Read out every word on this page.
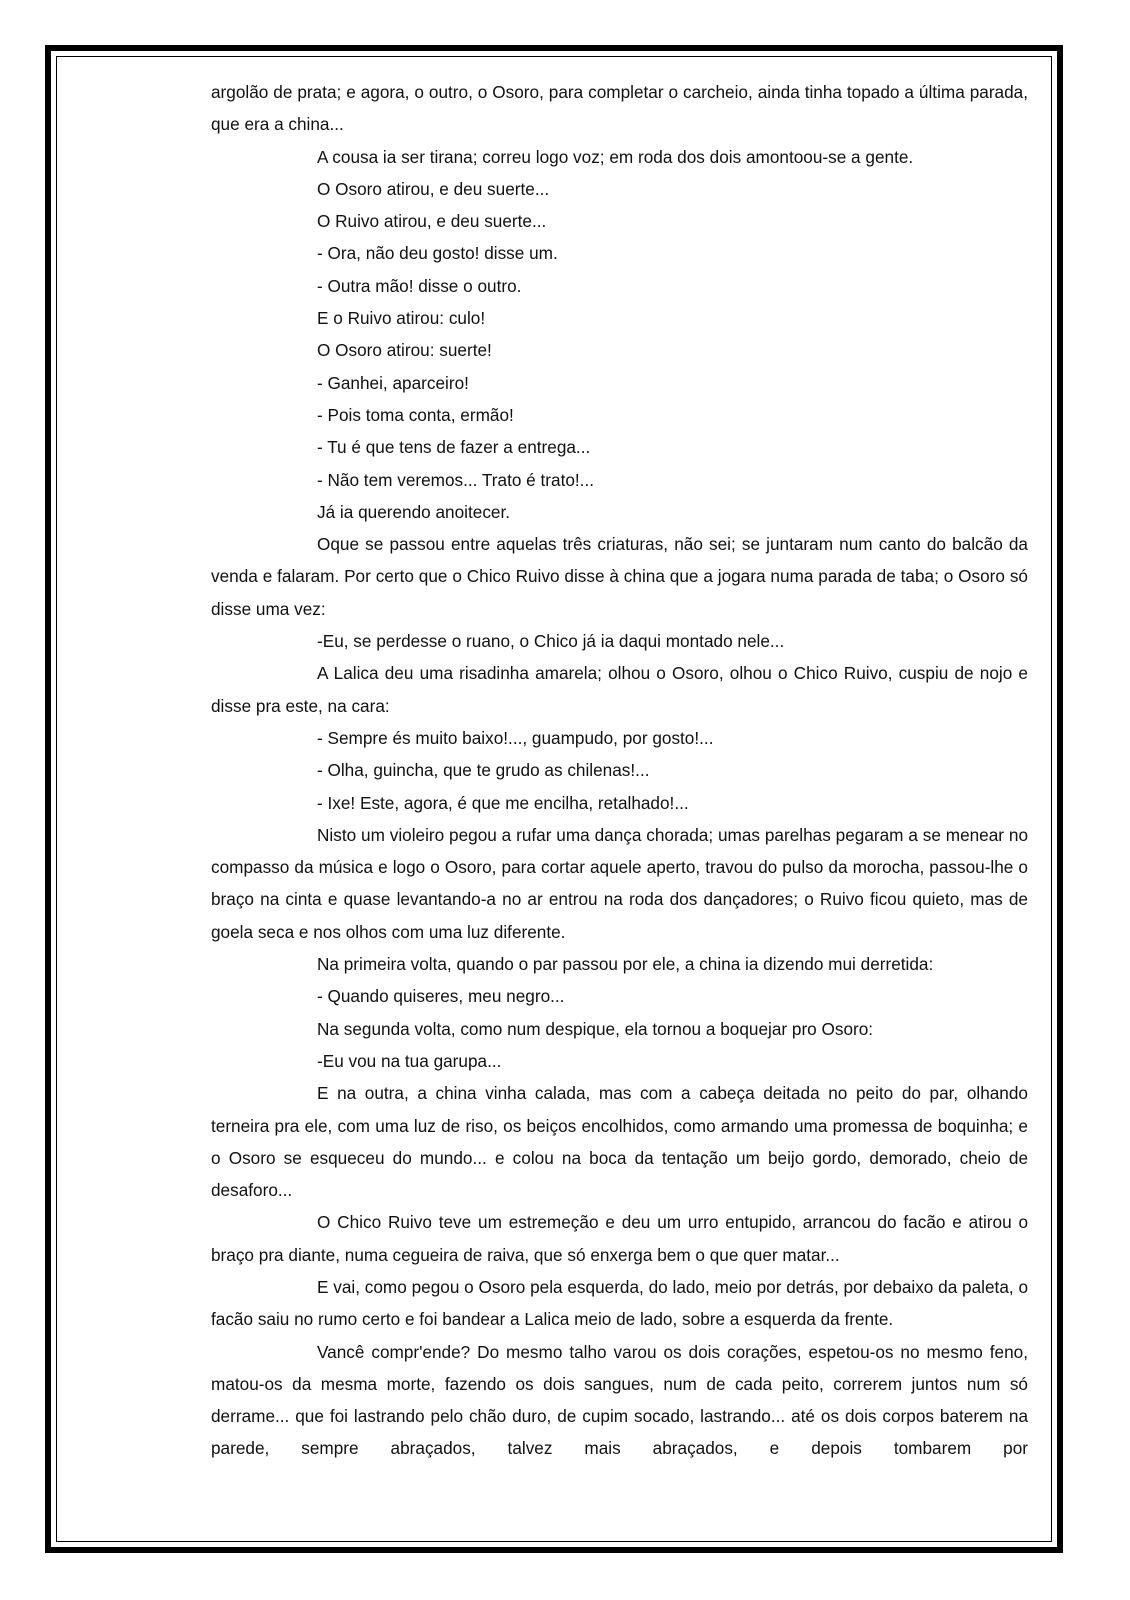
argolão de prata; e agora, o outro, o Osoro, para completar o carcheio, ainda tinha topado a última parada, que era a china...

A cousa ia ser tirana; correu logo voz; em roda dos dois amontoou-se a gente.

O Osoro atirou, e deu suerte...

O Ruivo atirou, e deu suerte...

- Ora, não deu gosto! disse um.

- Outra mão! disse o outro.

E o Ruivo atirou: culo!

O Osoro atirou: suerte!

- Ganhei, aparceiro!

- Pois toma conta, ermão!

- Tu é que tens de fazer a entrega...

- Não tem veremos... Trato é trato!...

Já ia querendo anoitecer.

Oque se passou entre aquelas três criaturas, não sei; se juntaram num canto do balcão da venda e falaram. Por certo que o Chico Ruivo disse à china que a jogara numa parada de taba; o Osoro só disse uma vez:

-Eu, se perdesse o ruano, o Chico já ia daqui montado nele...

A Lalica deu uma risadinha amarela; olhou o Osoro, olhou o Chico Ruivo, cuspiu de nojo e disse pra este, na cara:

- Sempre és muito baixo!..., guampudo, por gosto!...

- Olha, guincha, que te grudo as chilenas!...

- Ixe! Este, agora, é que me encilha, retalhado!...

Nisto um violeiro pegou a rufar uma dança chorada; umas parelhas pegaram a se menear no compasso da música e logo o Osoro, para cortar aquele aperto, travou do pulso da morocha, passou-lhe o braço na cinta e quase levantando-a no ar entrou na roda dos dançadores; o Ruivo ficou quieto, mas de goela seca e nos olhos com uma luz diferente.

Na primeira volta, quando o par passou por ele, a china ia dizendo mui derretida:

- Quando quiseres, meu negro...

Na segunda volta, como num despique, ela tornou a boquejar pro Osoro:

-Eu vou na tua garupa...

E na outra, a china vinha calada, mas com a cabeça deitada no peito do par, olhando terneira pra ele, com uma luz de riso, os beiços encolhidos, como armando uma promessa de boquinha; e o Osoro se esqueceu do mundo... e colou na boca da tentação um beijo gordo, demorado, cheio de desaforo...

O Chico Ruivo teve um estremeção e deu um urro entupido, arrancou do facão e atirou o braço pra diante, numa cegueira de raiva, que só enxerga bem o que quer matar...

E vai, como pegou o Osoro pela esquerda, do lado, meio por detrás, por debaixo da paleta, o facão saiu no rumo certo e foi bandear a Lalica meio de lado, sobre a esquerda da frente.

Vancê compr'ende? Do mesmo talho varou os dois corações, espetou-os no mesmo feno, matou-os da mesma morte, fazendo os dois sangues, num de cada peito, correrem juntos num só derrame... que foi lastrando pelo chão duro, de cupim socado, lastrando... até os dois corpos baterem na parede, sempre abraçados, talvez mais abraçados, e depois tombarem por
